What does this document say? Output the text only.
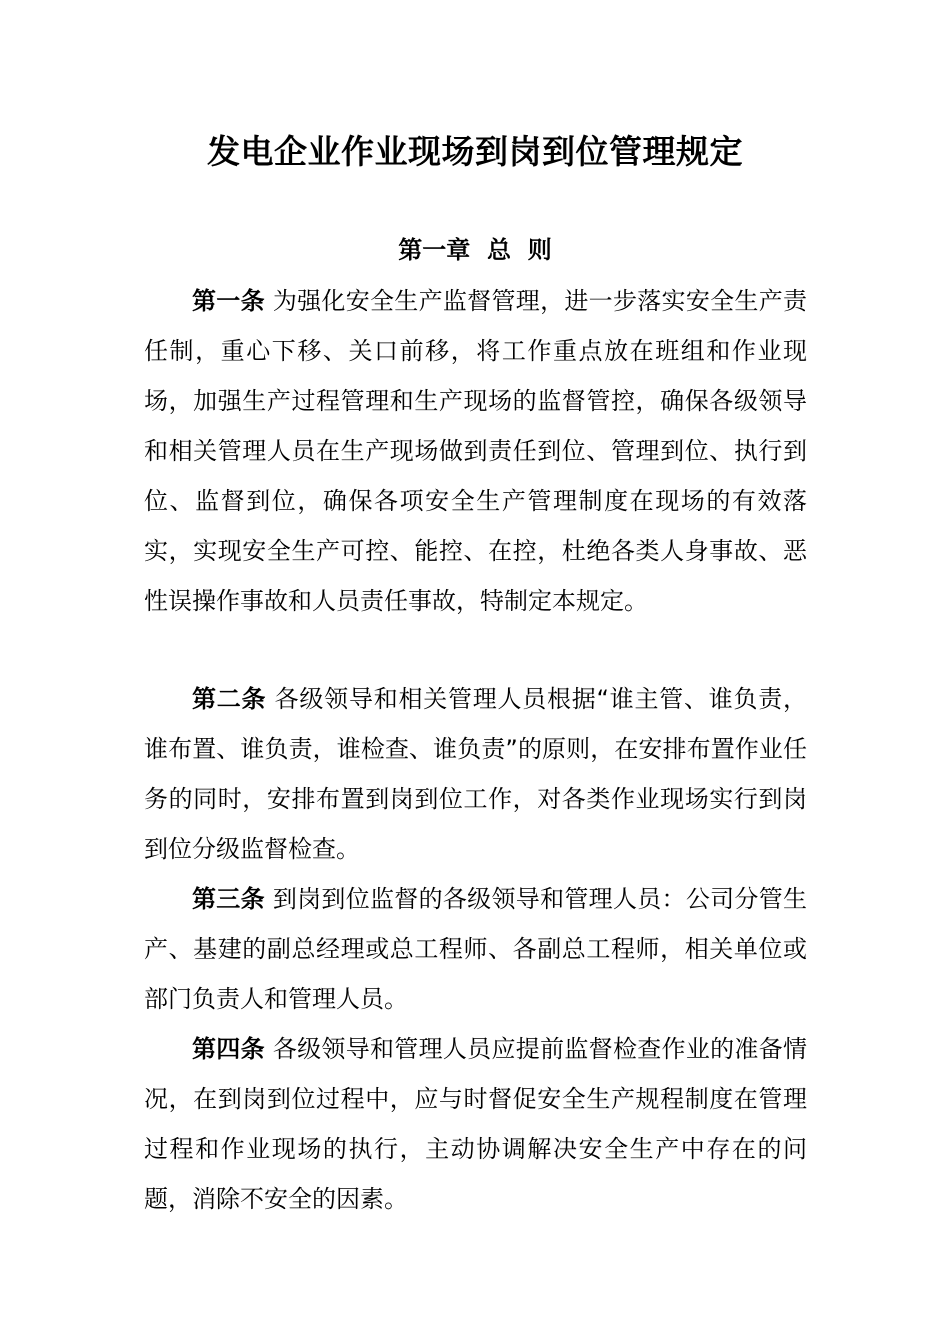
发电企业作业现场到岗到位管理规定
第一章  总  则

第一条 为强化安全生产监督管理，进一步落实安全生产责任制，重心下移、关口前移，将工作重点放在班组和作业现场，加强生产过程管理和生产现场的监督管控，确保各级领导和相关管理人员在生产现场做到责任到位、管理到位、执行到位、监督到位，确保各项安全生产管理制度在现场的有效落实，实现安全生产可控、能控、在控，杜绝各类人身事故、恶性误操作事故和人员责任事故，特制定本规定。

第二条 各级领导和相关管理人员根据“谁主管、谁负责，谁布置、谁负责，谁检查、谁负责”的原则，在安排布置作业任务的同时，安排布置到岗到位工作，对各类作业现场实行到岗到位分级监督检查。

第三条 到岗到位监督的各级领导和管理人员：公司分管生产、基建的副总经理或总工程师、各副总工程师，相关单位或部门负责人和管理人员。

第四条 各级领导和管理人员应提前监督检查作业的准备情况，在到岗到位过程中，应与时督促安全生产规程制度在管理过程和作业现场的执行，主动协调解决安全生产中存在的问题，消除不安全的因素。
